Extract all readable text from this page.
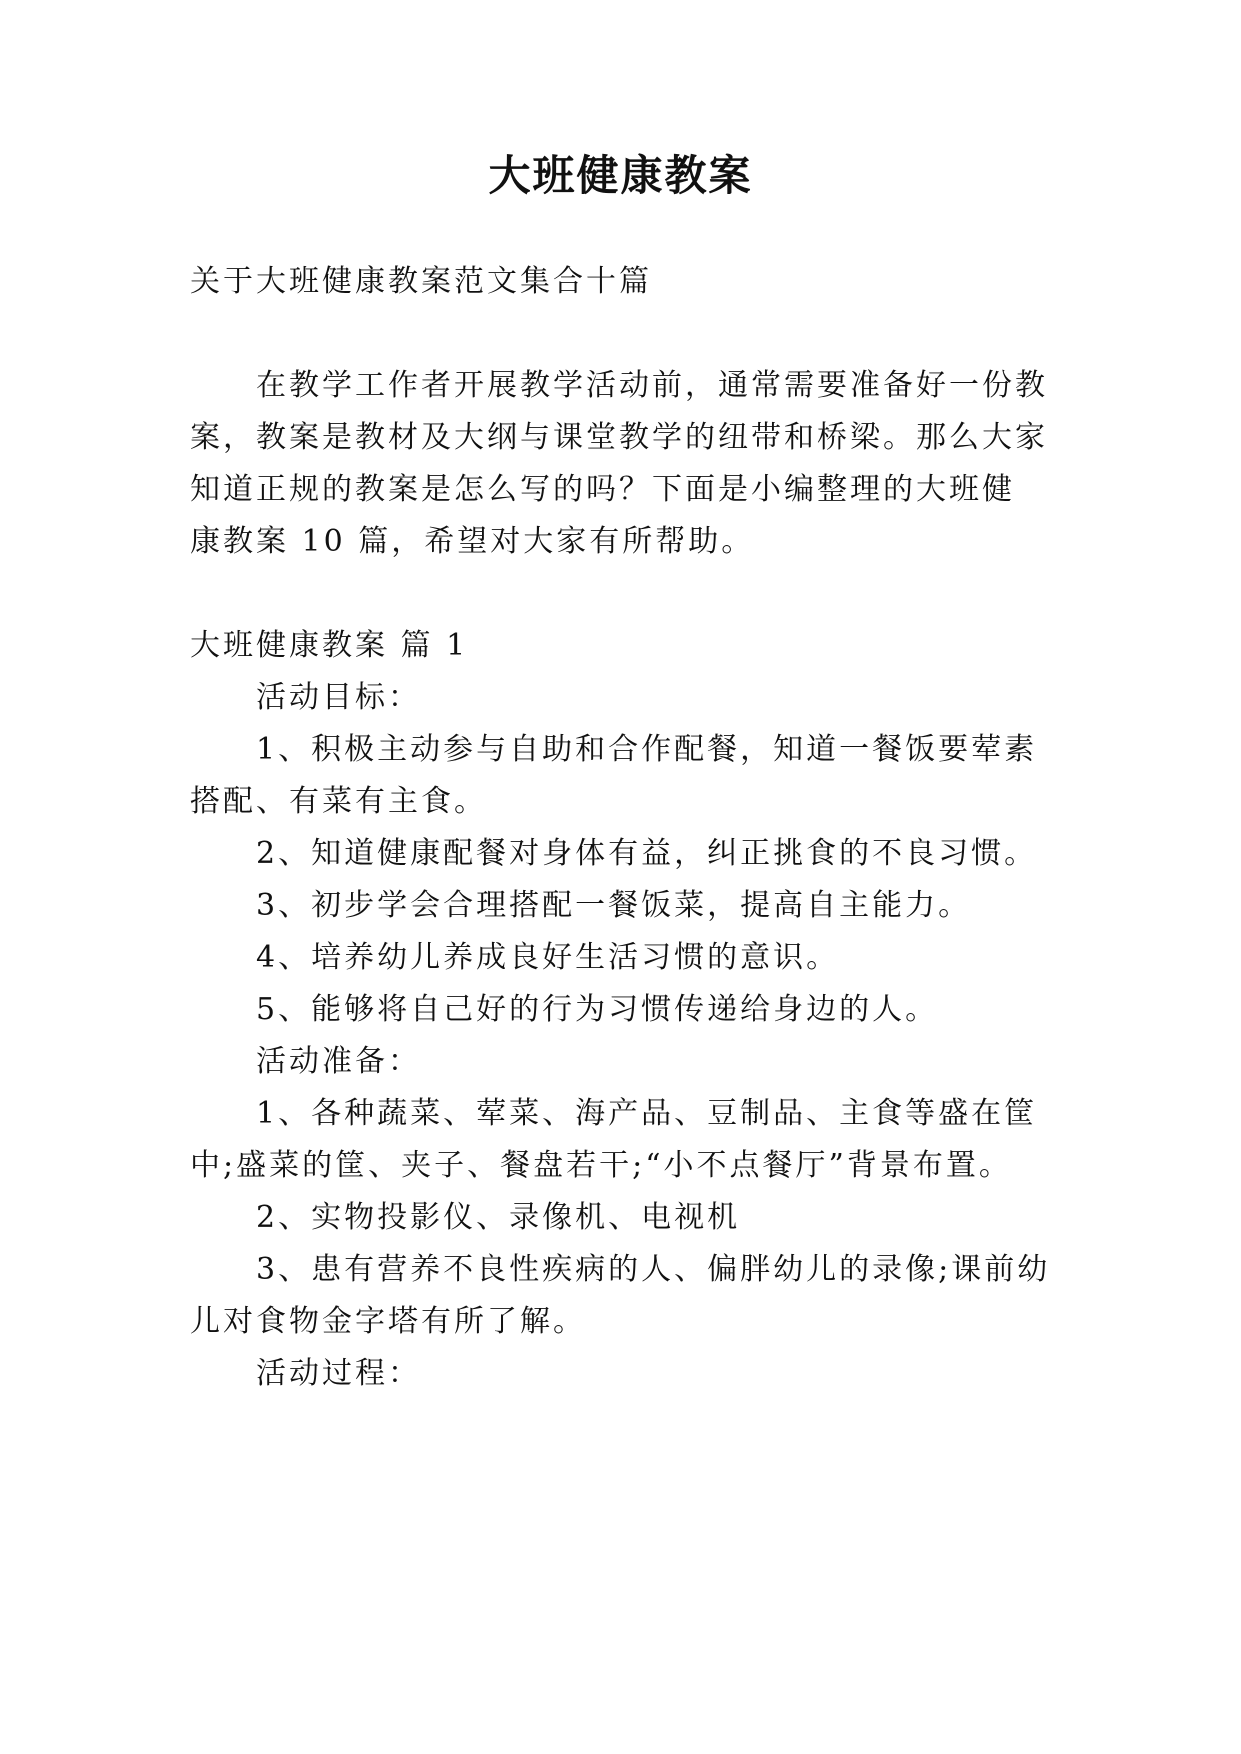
大班健康教案

关于大班健康教案范文集合十篇

在教学工作者开展教学活动前，通常需要准备好一份教

案，教案是教材及大纲与课堂教学的纽带和桥梁。那么大家

知道正规的教案是怎么写的吗？下面是小编整理的大班健

康教案 10 篇，希望对大家有所帮助。

大班健康教案 篇 1

活动目标：

1、积极主动参与自助和合作配餐，知道一餐饭要荤素

搭配、有菜有主食。

2、知道健康配餐对身体有益，纠正挑食的不良习惯。

3、初步学会合理搭配一餐饭菜，提高自主能力。

4、培养幼儿养成良好生活习惯的意识。

5、能够将自己好的行为习惯传递给身边的人。

活动准备：

1、各种蔬菜、荤菜、海产品、豆制品、主食等盛在筐

中;盛菜的筐、夹子、餐盘若干;“小不点餐厅”背景布置。

2、实物投影仪、录像机、电视机

3、患有营养不良性疾病的人、偏胖幼儿的录像;课前幼

儿对食物金字塔有所了解。

活动过程：
